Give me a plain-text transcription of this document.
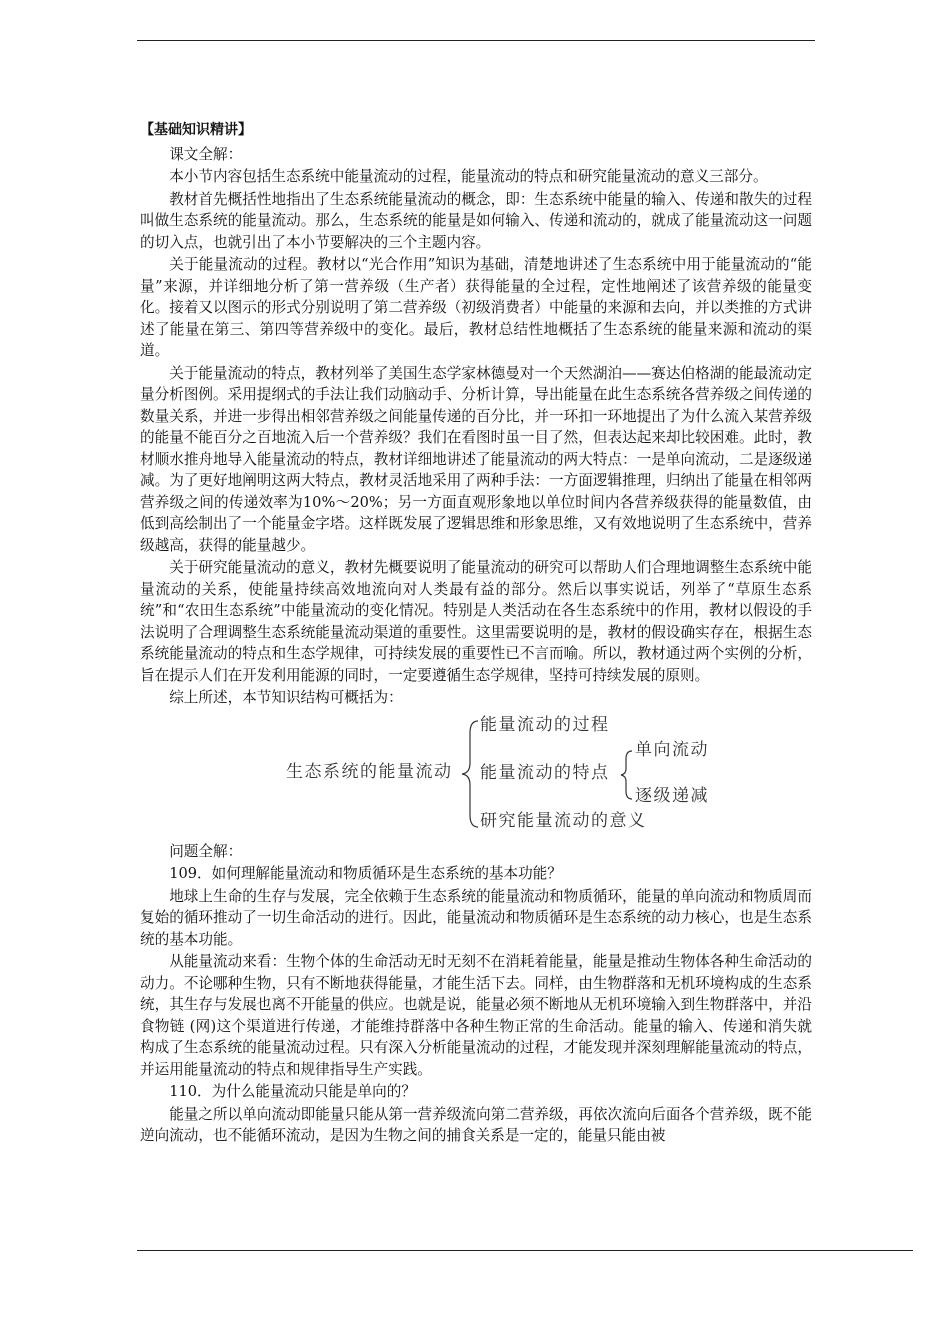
【基础知识精讲】

课文全解：

本小节内容包括生态系统中能量流动的过程，能量流动的特点和研究能量流动的意义三部分。

教材首先概括性地指出了生态系统能量流动的概念，即：生态系统中能量的输入、传递和散失的过程叫做生态系统的能量流动。那么，生态系统的能量是如何输入、传递和流动的，就成了能量流动这一问题的切入点，也就引出了本小节要解决的三个主题内容。

关于能量流动的过程。教材以“光合作用”知识为基础，清楚地讲述了生态系统中用于能量流动的“能量”来源，并详细地分析了第一营养级（生产者）获得能量的全过程，定性地阐述了该营养级的能量变化。接着又以图示的形式分别说明了第二营养级（初级消费者）中能量的来源和去向，并以类推的方式讲述了能量在第三、第四等营养级中的变化。最后，教材总结性地概括了生态系统的能量来源和流动的渠道。

关于能量流动的特点，教材列举了美国生态学家林德曼对一个天然湖泊——赛达伯格湖的能最流动定量分析图例。采用提纲式的手法让我们动脑动手、分析计算，导出能量在此生态系统各营养级之间传递的数量关系，并进一步得出相邻营养级之间能量传递的百分比，并一环扣一环地提出了为什么流入某营养级的能量不能百分之百地流入后一个营养级？我们在看图时虽一目了然，但表达起来却比较困难。此时，教材顺水推舟地导入能量流动的特点，教材详细地讲述了能量流动的两大特点：一是单向流动，二是逐级递减。为了更好地阐明这两大特点，教材灵活地采用了两种手法：一方面逻辑推理，归纳出了能量在相邻两营养级之间的传递效率为10%～20%；另一方面直观形象地以单位时间内各营养级获得的能量数值，由低到高绘制出了一个能量金字塔。这样既发展了逻辑思维和形象思维，又有效地说明了生态系统中，营养级越高，获得的能量越少。

关于研究能量流动的意义，教材先概要说明了能量流动的研究可以帮助人们合理地调整生态系统中能量流动的关系，使能量持续高效地流向对人类最有益的部分。然后以事实说话，列举了“草原生态系统”和“农田生态系统”中能量流动的变化情况。特别是人类活动在各生态系统中的作用，教材以假设的手法说明了合理调整生态系统能量流动渠道的重要性。这里需要说明的是，教材的假设确实存在，根据生态系统能量流动的特点和生态学规律，可持续发展的重要性已不言而喻。所以，教材通过两个实例的分析，旨在提示人们在开发利用能源的同时，一定要遵循生态学规律，坚持可持续发展的原则。

综上所述，本节知识结构可概括为：

生态系统的能量流动
能量流动的过程
能量流动的特点
单向流动
逐级递减
研究能量流动的意义

问题全解：

109．如何理解能量流动和物质循环是生态系统的基本功能？

地球上生命的生存与发展，完全依赖于生态系统的能量流动和物质循环，能量的单向流动和物质周而复始的循环推动了一切生命活动的进行。因此，能量流动和物质循环是生态系统的动力核心，也是生态系统的基本功能。

从能量流动来看：生物个体的生命活动无时无刻不在消耗着能量，能量是推动生物体各种生命活动的动力。不论哪种生物，只有不断地获得能量，才能生活下去。同样，由生物群落和无机环境构成的生态系统，其生存与发展也离不开能量的供应。也就是说，能量必须不断地从无机环境输入到生物群落中，并沿食物链 (网)这个渠道进行传递，才能维持群落中各种生物正常的生命活动。能量的输入、传递和消失就构成了生态系统的能量流动过程。只有深入分析能量流动的过程，才能发现并深刻理解能量流动的特点，并运用能量流动的特点和规律指导生产实践。

110．为什么能量流动只能是单向的？

能量之所以单向流动即能量只能从第一营养级流向第二营养级，再依次流向后面各个营养级，既不能逆向流动，也不能循环流动，是因为生物之间的捕食关系是一定的，能量只能由被
